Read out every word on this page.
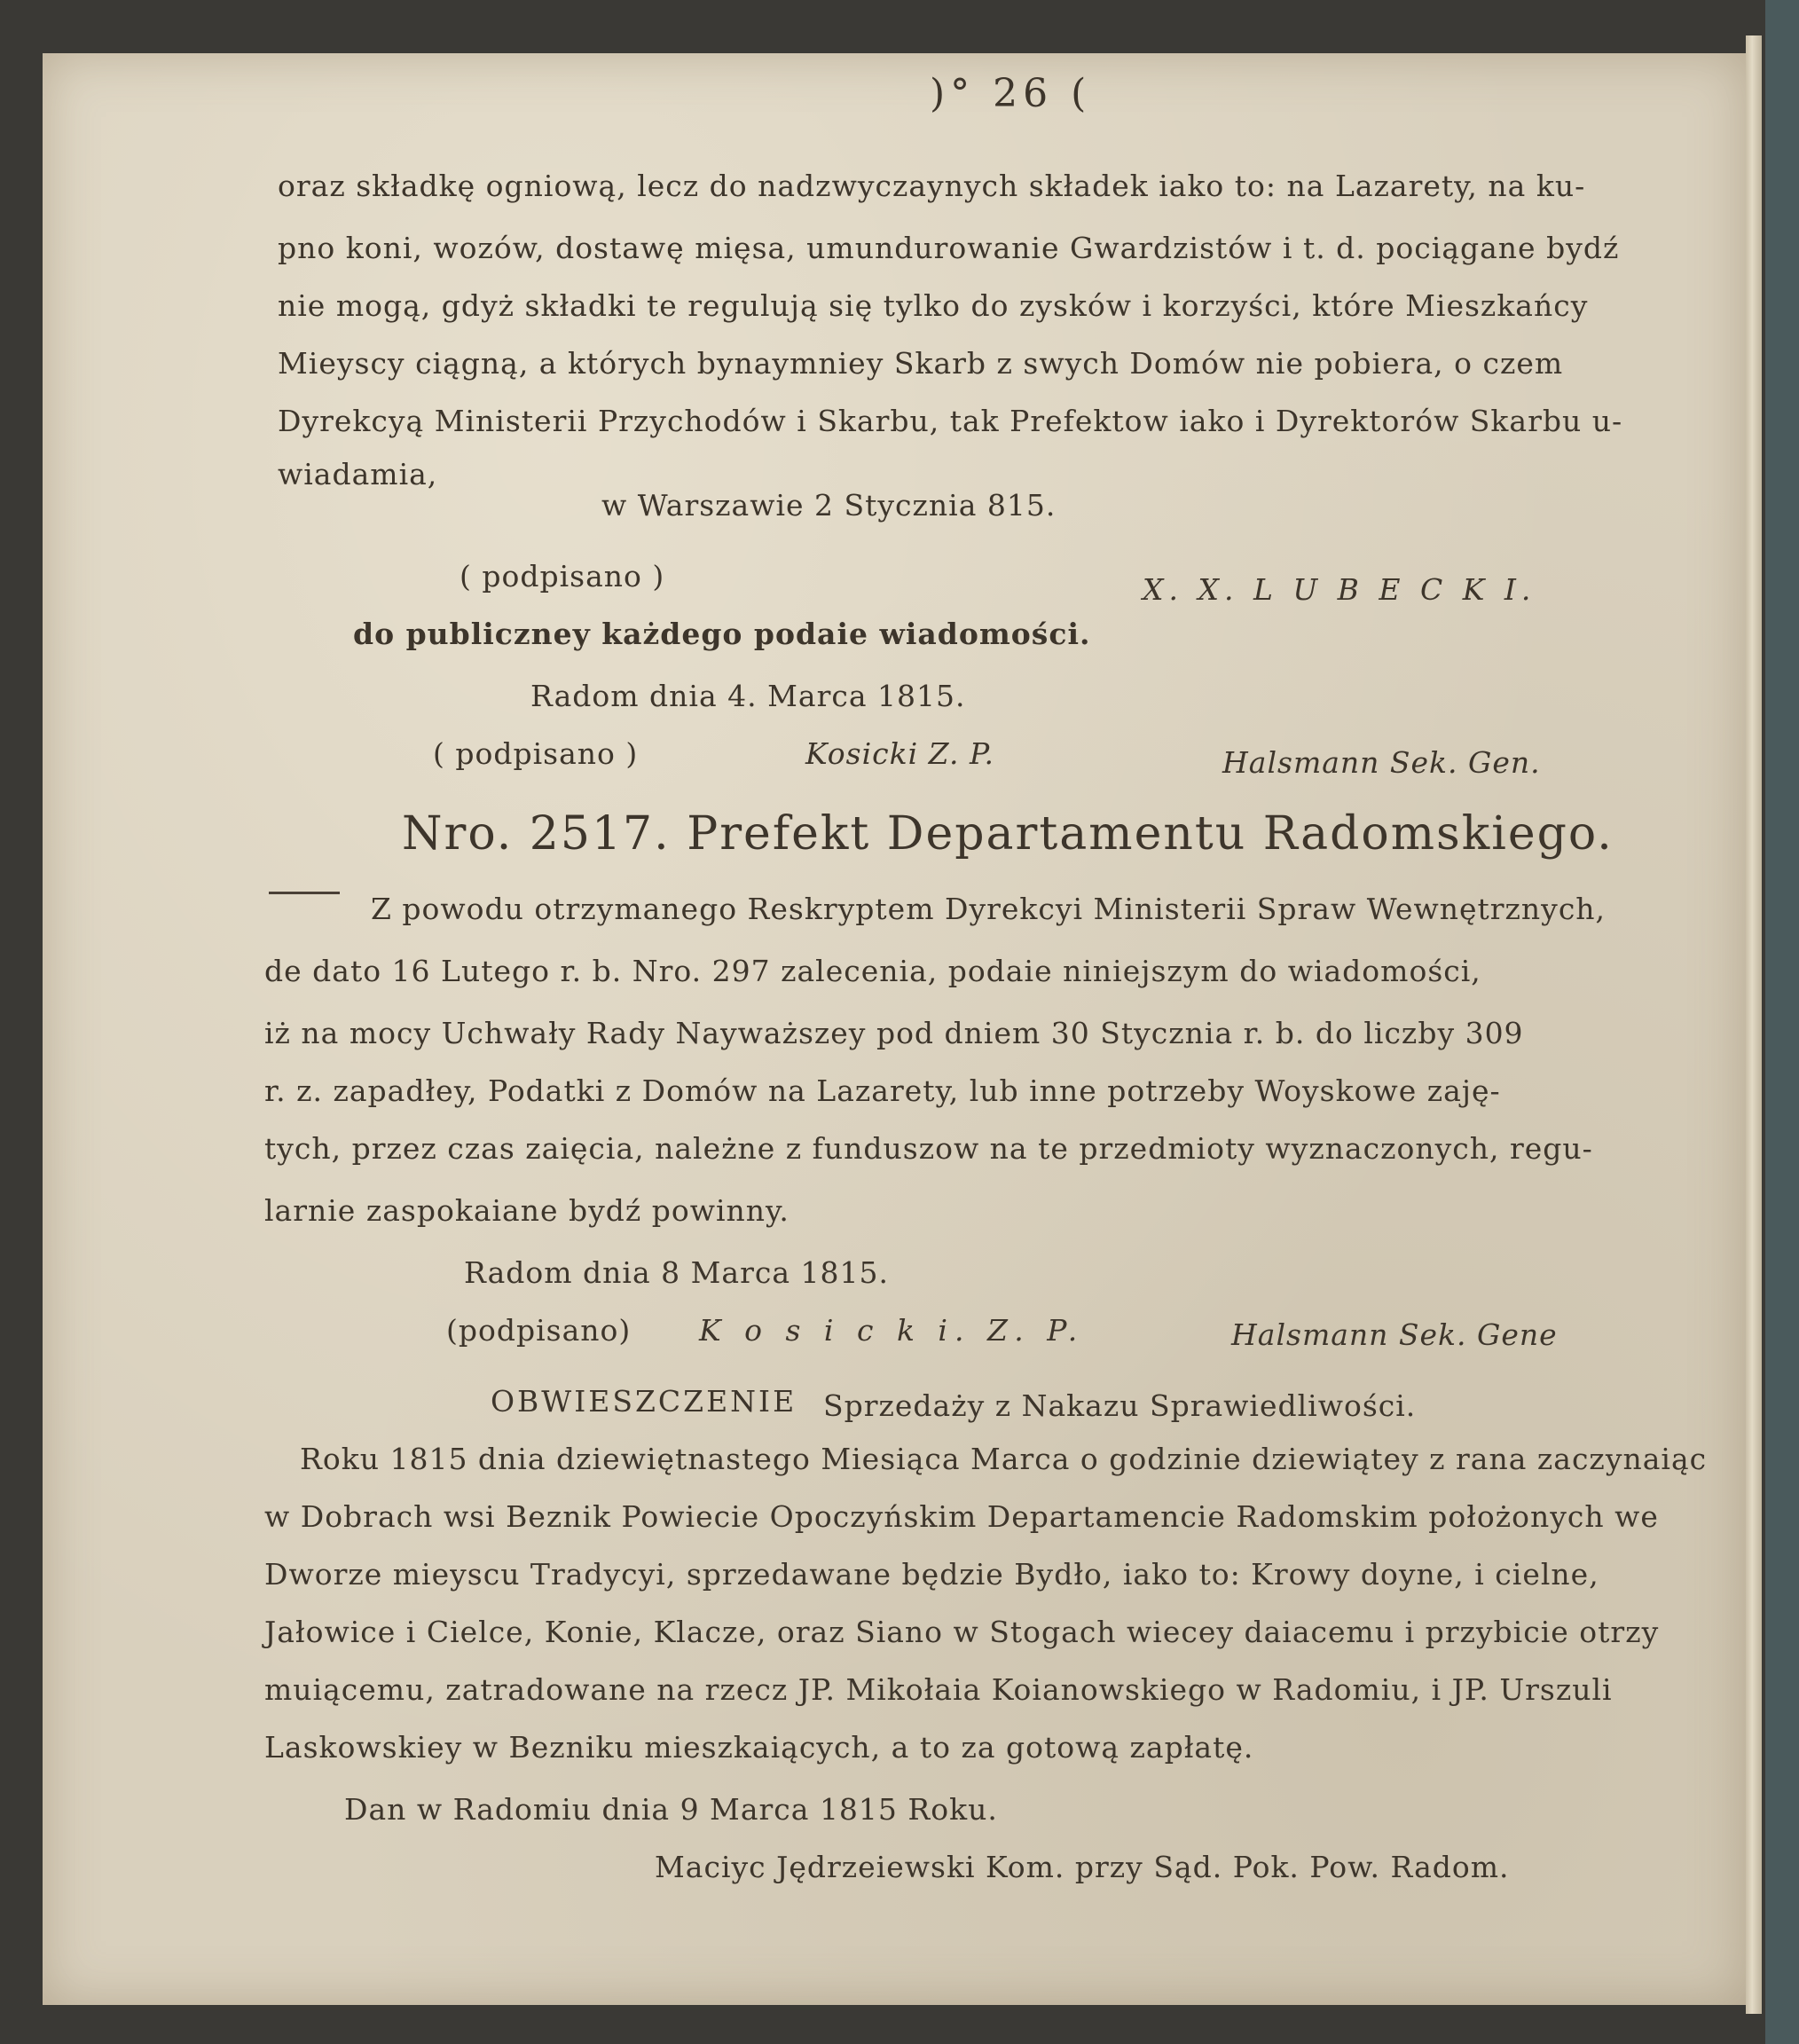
)° 26 (
oraz składkę ogniową, lecz do nadzwyczaynych składek iako to: na Lazarety, na ku-
pno koni, wozów, dostawę mięsa, umundurowanie Gwardzistów i t. d. pociągane bydź
nie mogą, gdyż składki te regulują się tylko do zysków i korzyści, które Mieszkańcy
Mieyscy ciągną, a których bynaymniey Skarb z swych Domów nie pobiera, o czem
Dyrekcyą Ministerii Przychodów i Skarbu, tak Prefektow iako i Dyrektorów Skarbu u-
wiadamia,
w Warszawie 2 Stycznia 815.
( podpisano )	X. X. L U B E C K I.
do publiczney każdego podaie wiadomości.
Radom dnia 4. Marca 1815.
( podpisano )	Kosicki Z. P.	Halsmann Sek. Gen.
Nro. 2517. Prefekt Departamentu Radomskiego.
Z powodu otrzymanego Reskryptem Dyrekcyi Ministerii Spraw Wewnętrznych,
de dato 16 Lutego r. b. Nro. 297 zalecenia, podaie niniejszym do wiadomości,
iż na mocy Uchwały Rady Nayważszey pod dniem 30 Stycznia r. b. do liczby 309
r. z. zapadłey, Podatki z Domów na Lazarety, lub inne potrzeby Woyskowe zaję-
tych, przez czas zaięcia, należne z funduszow na te przedmioty wyznaczonych, regu-
larnie zaspokaiane bydź powinny.
Radom dnia 8 Marca 1815.
(podpisano) K o s i c k i. Z. P.	Halsmann Sek. Gene
OBWIESZCZENIE Sprzedaży z Nakazu Sprawiedliwości.
Roku 1815 dnia dziewiętnastego Miesiąca Marca o godzinie dziewiątey z rana zaczynaiąc
w Dobrach wsi Beznik Powiecie Opoczyńskim Departamencie Radomskim położonych we
Dworze mieyscu Tradycyi, sprzedawane będzie Bydło, iako to: Krowy doyne, i cielne,
Jałowice i Cielce, Konie, Klacze, oraz Siano w Stogach wiecey daiacemu i przybicie otrzy
muiącemu, zatradowane na rzecz JP. Mikołaia Koianowskiego w Radomiu, i JP. Urszuli
Laskowskiey w Bezniku mieszkaiących, a to za gotową zapłatę.
Dan w Radomiu dnia 9 Marca 1815 Roku.
Maciyc Jędrzeiewski Kom. przy Sąd. Pok. Pow. Radom.
